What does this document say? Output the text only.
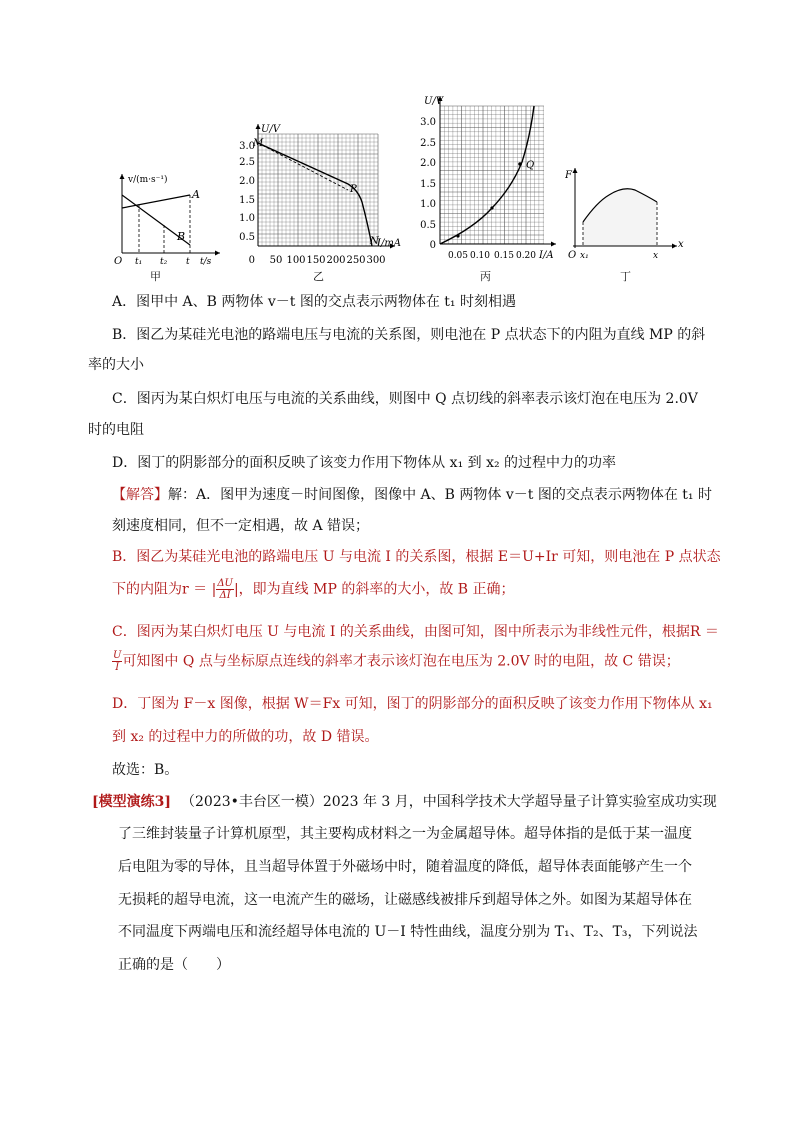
v/(m·s⁻¹)
A
B
O t₁ t₂ t t/s
甲
U/V
M
P
N
I/mA
3.0
2.5
2.0
1.5
1.0
0.5
0 50 100 150 200 250 300
乙
U/V
Q
3.0
2.5
2.0
1.5
1.0
0.5
0
0.05 0.10 0.15 0.20 I/A
丙
F
x
O x₁	x
丁
A．图甲中 A、B 两物体 v－t 图的交点表示两物体在 t₁ 时刻相遇
B．图乙为某硅光电池的路端电压与电流的关系图，则电池在 P 点状态下的内阻为直线 MP 的斜
率的大小
C．图丙为某白炽灯电压与电流的关系曲线，则图中 Q 点切线的斜率表示该灯泡在电压为 2.0V
时的电阻
D．图丁的阴影部分的面积反映了该变力作用下物体从 x₁ 到 x₂ 的过程中力的功率
【解答】解：A．图甲为速度－时间图像，图像中 A、B 两物体 v－t 图的交点表示两物体在 t₁ 时
刻速度相同，但不一定相遇，故 A 错误；
B．图乙为某硅光电池的路端电压 U 与电流 I 的关系图，根据 E＝U+Ir 可知，则电池在 P 点状态
下的内阻为r ＝ | $\frac{\Delta U}{\Delta I}$ |，即为直线 MP 的斜率的大小，故 B 正确；
C．图丙为某白炽灯电压 U 与电流 I 的关系曲线，由图可知，图中所表示为非线性元件，根据R ＝
$\frac{U}{I}$ 可知图中 Q 点与坐标原点连线的斜率才表示该灯泡在电压为 2.0V 时的电阻，故 C 错误；
D．丁图为 F－x 图像，根据 W＝Fx 可知，图丁的阴影部分的面积反映了该变力作用下物体从 x₁
到 x₂ 的过程中力的所做的功，故 D 错误。
故选：B。
[模型演练3] （2023•丰台区一模）2023 年 3 月，中国科学技术大学超导量子计算实验室成功实现
了三维封装量子计算机原型，其主要构成材料之一为金属超导体。超导体指的是低于某一温度
后电阻为零的导体，且当超导体置于外磁场中时，随着温度的降低，超导体表面能够产生一个
无损耗的超导电流，这一电流产生的磁场，让磁感线被排斥到超导体之外。如图为某超导体在
不同温度下两端电压和流经超导体电流的 U－I 特性曲线，温度分别为 T₁、T₂、T₃，下列说法
正确的是（　　）
